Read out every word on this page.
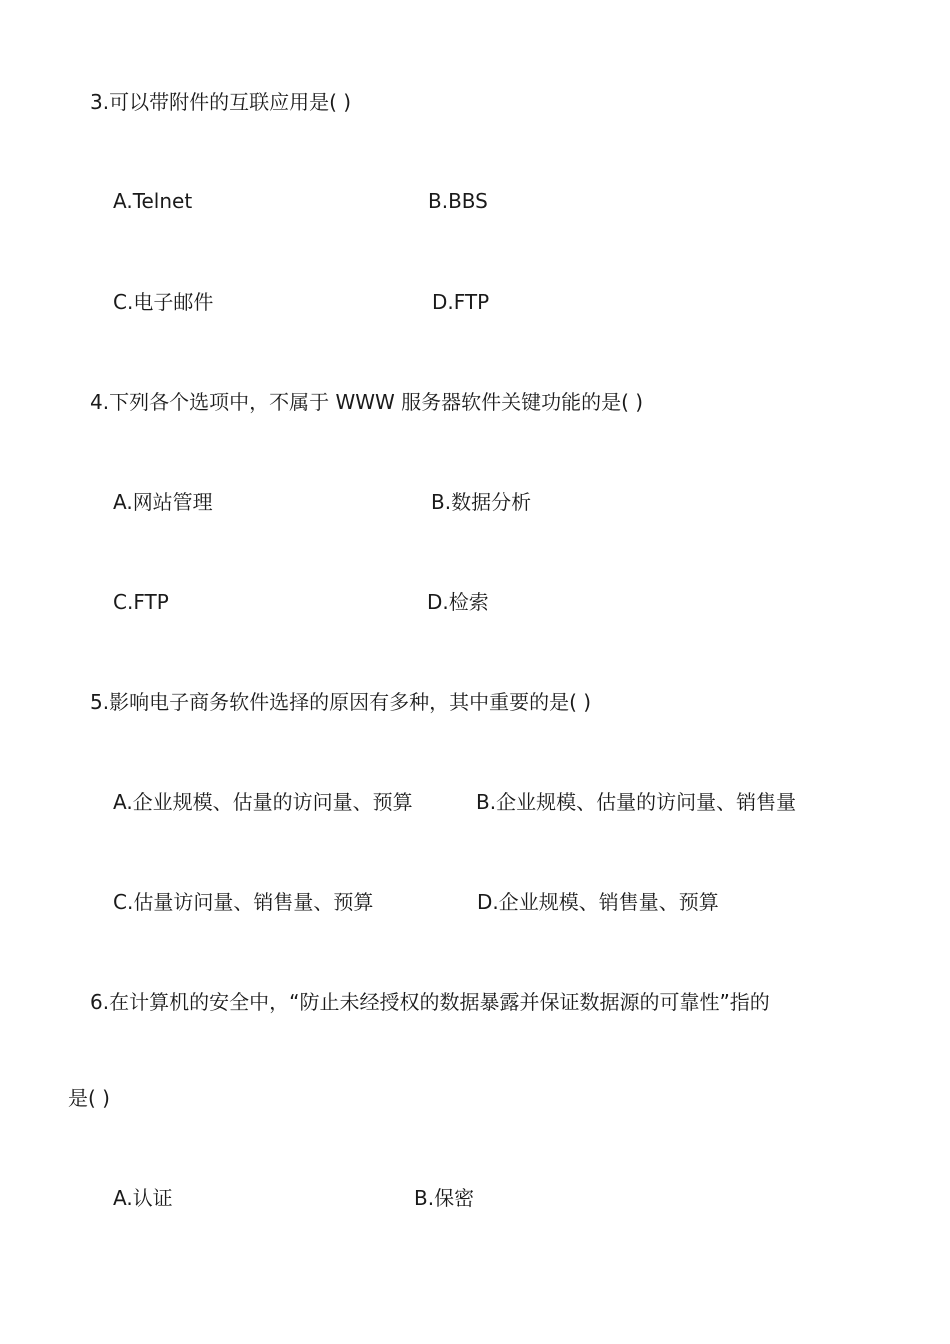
3.可以带附件的互联应用是( )
A.Telnet	B.BBS
C.电子邮件	D.FTP
4.下列各个选项中，不属于 WWW 服务器软件关键功能的是( )
A.网站管理	B.数据分析
C.FTP	D.检索
5.影响电子商务软件选择的原因有多种，其中重要的是( )
A.企业规模、估量的访问量、预算	B.企业规模、估量的访问量、销售量
C.估量访问量、销售量、预算	D.企业规模、销售量、预算
6.在计算机的安全中，“防止未经授权的数据暴露并保证数据源的可靠性”指的
是( )
A.认证	B.保密
